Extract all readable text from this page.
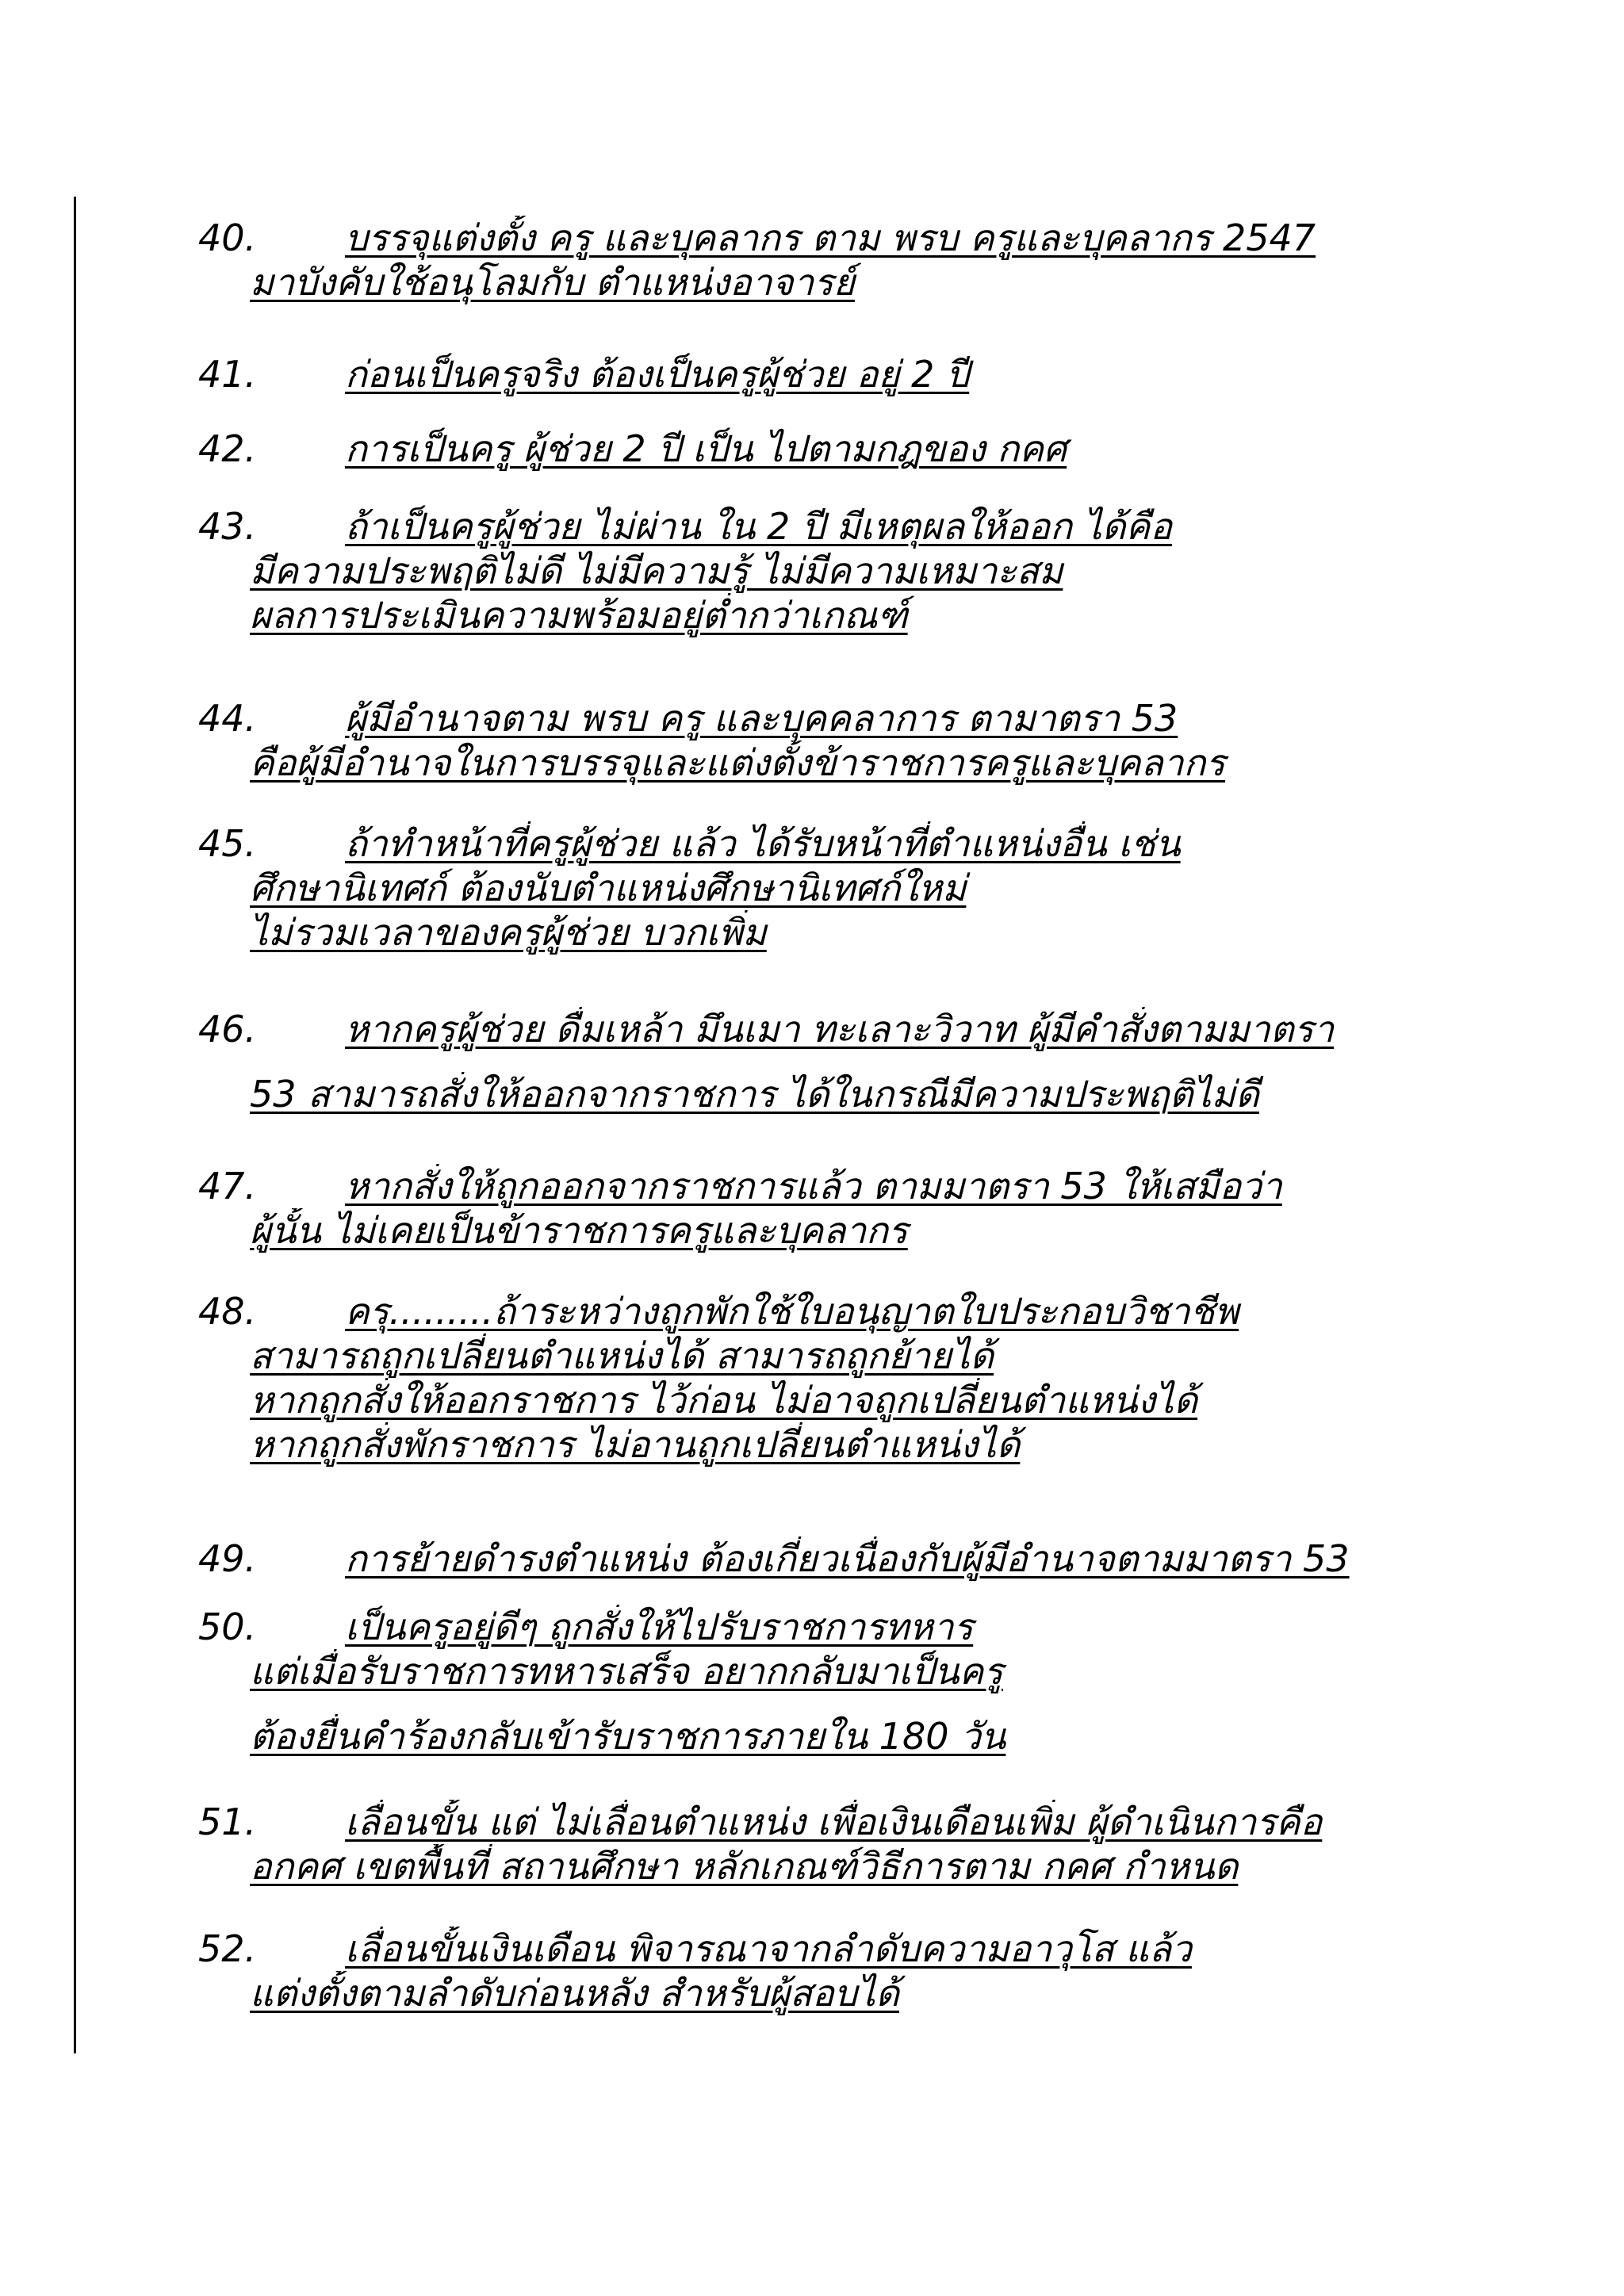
40. บรรจุแต่งตั้ง ครู และบุคลากร ตาม พรบ ครูและบุคลากร 2547
มาบังคับใช้อนุโลมกับ ตำแหน่งอาจารย์
41. ก่อนเป็นครูจริง ต้องเป็นครูผู้ช่วย อยู่ 2 ปี
42. การเป็นครู ผู้ช่วย 2 ปี เป็น ไปตามกฎของ กคศ
43. ถ้าเป็นครูผู้ช่วย ไม่ผ่าน ใน 2 ปี มีเหตุผลให้ออก ได้คือ
มีความประพฤติไม่ดี ไม่มีความรู้ ไม่มีความเหมาะสม
ผลการประเมินความพร้อมอยู่ต่ำกว่าเกณฑ์
44. ผู้มีอำนาจตาม พรบ ครู และบุคคลาการ ตามาตรา 53
คือผู้มีอำนาจในการบรรจุและแต่งตั้งข้าราชการครูและบุคลากร
45. ถ้าทำหน้าที่ครูผู้ช่วย แล้ว ได้รับหน้าที่ตำแหน่งอื่น เช่น
ศึกษานิเทศก์ ต้องนับตำแหน่งศึกษานิเทศก์ใหม่
ไม่รวมเวลาของครูผู้ช่วย บวกเพิ่ม
46. หากครูผู้ช่วย ดื่มเหล้า มึนเมา ทะเลาะวิวาท ผู้มีคำสั่งตามมาตรา
53 สามารถสั่งให้ออกจากราชการ ได้ในกรณีมีความประพฤติไม่ดี
47. หากสั่งให้ถูกออกจากราชการแล้ว ตามมาตรา 53 ให้เสมือว่า
ผู้นั้น ไม่เคยเป็นข้าราชการครูและบุคลากร
48. ครุ.........ถ้าระหว่างถูกพักใช้ใบอนุญาตใบประกอบวิชาชีพ
สามารถถูกเปลี่ยนตำแหน่งได้ สามารถถูกย้ายได้
หากถูกสั่งให้ออกราชการ ไว้ก่อน ไม่อาจถูกเปลี่ยนตำแหน่งได้
หากถูกสั่งพักราชการ ไม่อานถูกเปลี่ยนตำแหน่งได้
49. การย้ายดำรงตำแหน่ง ต้องเกี่ยวเนื่องกับผู้มีอำนาจตามมาตรา 53
50. เป็นครูอยู่ดีๆ ถูกสั่งให้ไปรับราชการทหาร
แต่เมื่อรับราชการทหารเสร็จ อยากกลับมาเป็นครู
ต้องยื่นคำร้องกลับเข้ารับราชการภายใน 180 วัน
51. เลื่อนขั้น แต่ ไม่เลื่อนตำแหน่ง เพื่อเงินเดือนเพิ่ม ผู้ดำเนินการคือ
อกคศ เขตพื้นที่ สถานศึกษา หลักเกณฑ์วิธีการตาม กคศ กำหนด
52. เลื่อนขั้นเงินเดือน พิจารณาจากลำดับความอาวุโส แล้ว
แต่งตั้งตามลำดับก่อนหลัง สำหรับผู้สอบได้
